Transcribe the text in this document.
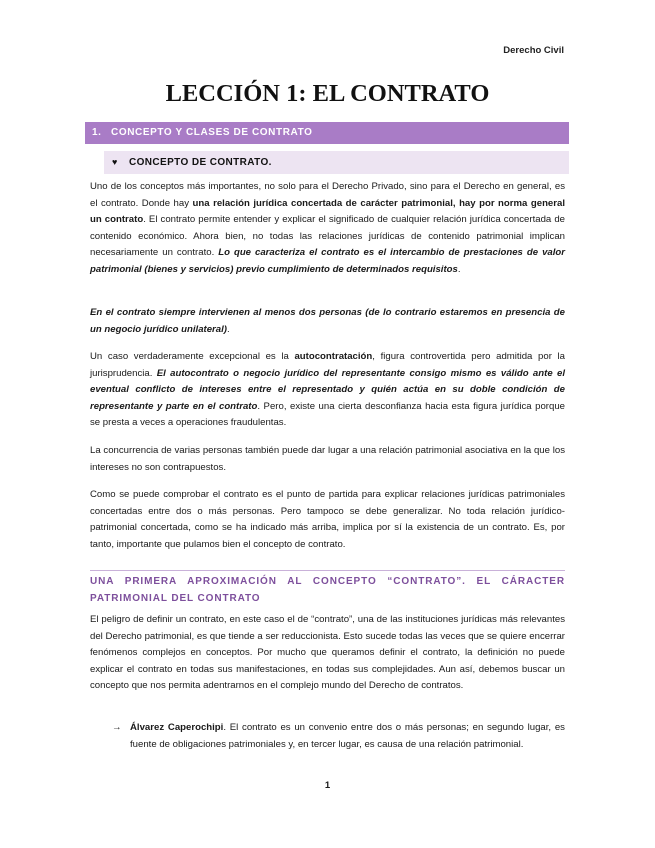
Derecho Civil
LECCIÓN 1: EL CONTRATO
1. CONCEPTO Y CLASES DE CONTRATO
♥ CONCEPTO DE CONTRATO.
Uno de los conceptos más importantes, no solo para el Derecho Privado, sino para el Derecho en general, es el contrato. Donde hay una relación jurídica concertada de carácter patrimonial, hay por norma general un contrato. El contrato permite entender y explicar el significado de cualquier relación jurídica concertada de contenido económico. Ahora bien, no todas las relaciones jurídicas de contenido patrimonial implican necesariamente un contrato. Lo que caracteriza el contrato es el intercambio de prestaciones de valor patrimonial (bienes y servicios) previo cumplimiento de determinados requisitos.
En el contrato siempre intervienen al menos dos personas (de lo contrario estaremos en presencia de un negocio jurídico unilateral).
Un caso verdaderamente excepcional es la autocontratación, figura controvertida pero admitida por la jurisprudencia. El autocontrato o negocio jurídico del representante consigo mismo es válido ante el eventual conflicto de intereses entre el representado y quién actúa en su doble condición de representante y parte en el contrato. Pero, existe una cierta desconfianza hacia esta figura jurídica porque se presta a veces a operaciones fraudulentas.
La concurrencia de varias personas también puede dar lugar a una relación patrimonial asociativa en la que los intereses no son contrapuestos.
Como se puede comprobar el contrato es el punto de partida para explicar relaciones jurídicas patrimoniales concertadas entre dos o más personas. Pero tampoco se debe generalizar. No toda relación jurídico- patrimonial concertada, como se ha indicado más arriba, implica por sí la existencia de un contrato. Es, por tanto, importante que pulamos bien el concepto de contrato.
UNA PRIMERA APROXIMACIÓN AL CONCEPTO “CONTRATO”. EL CÁRACTER PATRIMONIAL DEL CONTRATO
El peligro de definir un contrato, en este caso el de “contrato”, una de las instituciones jurídicas más relevantes del Derecho patrimonial, es que tiende a ser reduccionista. Esto sucede todas las veces que se quiere encerrar fenómenos complejos en conceptos. Por mucho que queramos definir el contrato, la definición no puede explicar el contrato en todas sus manifestaciones, en todas sus complejidades. Aun así, debemos buscar un concepto que nos permita adentrarnos en el complejo mundo del Derecho de contratos.
→ Álvarez Caperochipi. El contrato es un convenio entre dos o más personas; en segundo lugar, es fuente de obligaciones patrimoniales y, en tercer lugar, es causa de una relación patrimonial.
1
